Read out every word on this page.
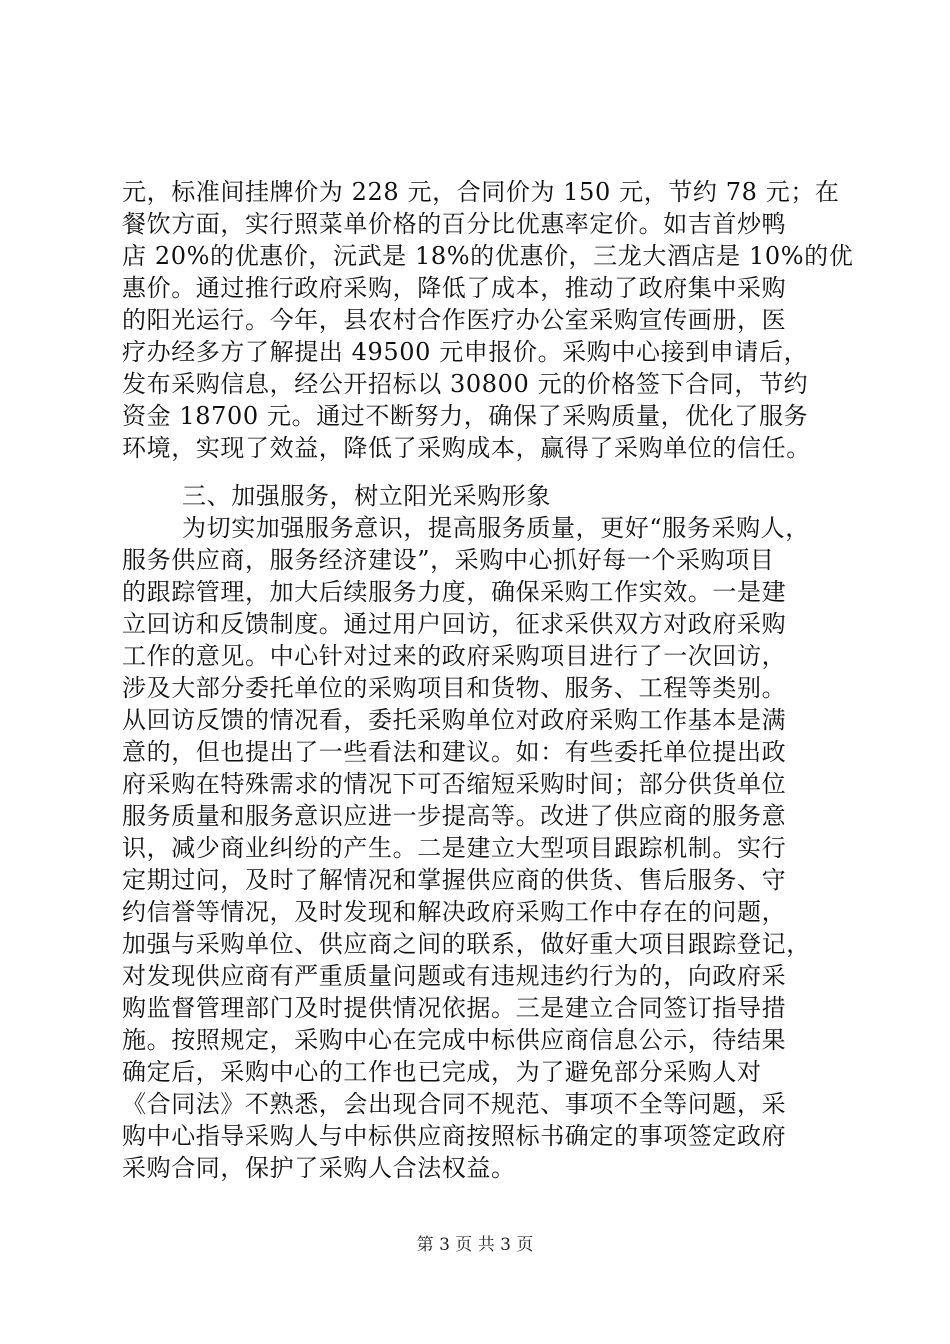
元，标准间挂牌价为 228 元，合同价为 150 元，节约 78 元；在
餐饮方面，实行照菜单价格的百分比优惠率定价。如吉首炒鸭
店 20%的优惠价，沅武是 18%的优惠价，三龙大酒店是 10%的优
惠价。通过推行政府采购，降低了成本，推动了政府集中采购
的阳光运行。今年，县农村合作医疗办公室采购宣传画册，医
疗办经多方了解提出 49500 元申报价。采购中心接到申请后，
发布采购信息，经公开招标以 30800 元的价格签下合同，节约
资金 18700 元。通过不断努力，确保了采购质量，优化了服务
环境，实现了效益，降低了采购成本，赢得了采购单位的信任。
三、加强服务，树立阳光采购形象
为切实加强服务意识，提高服务质量，更好“服务采购人，
服务供应商，服务经济建设”，采购中心抓好每一个采购项目
的跟踪管理，加大后续服务力度，确保采购工作实效。一是建
立回访和反馈制度。通过用户回访，征求采供双方对政府采购
工作的意见。中心针对过来的政府采购项目进行了一次回访，
涉及大部分委托单位的采购项目和货物、服务、工程等类别。
从回访反馈的情况看，委托采购单位对政府采购工作基本是满
意的，但也提出了一些看法和建议。如：有些委托单位提出政
府采购在特殊需求的情况下可否缩短采购时间；部分供货单位
服务质量和服务意识应进一步提高等。改进了供应商的服务意
识，减少商业纠纷的产生。二是建立大型项目跟踪机制。实行
定期过问，及时了解情况和掌握供应商的供货、售后服务、守
约信誉等情况，及时发现和解决政府采购工作中存在的问题，
加强与采购单位、供应商之间的联系，做好重大项目跟踪登记，
对发现供应商有严重质量问题或有违规违约行为的，向政府采
购监督管理部门及时提供情况依据。三是建立合同签订指导措
施。按照规定，采购中心在完成中标供应商信息公示，待结果
确定后，采购中心的工作也已完成，为了避免部分采购人对
《合同法》不熟悉，会出现合同不规范、事项不全等问题，采
购中心指导采购人与中标供应商按照标书确定的事项签定政府
采购合同，保护了采购人合法权益。
第 3 页 共 3 页
